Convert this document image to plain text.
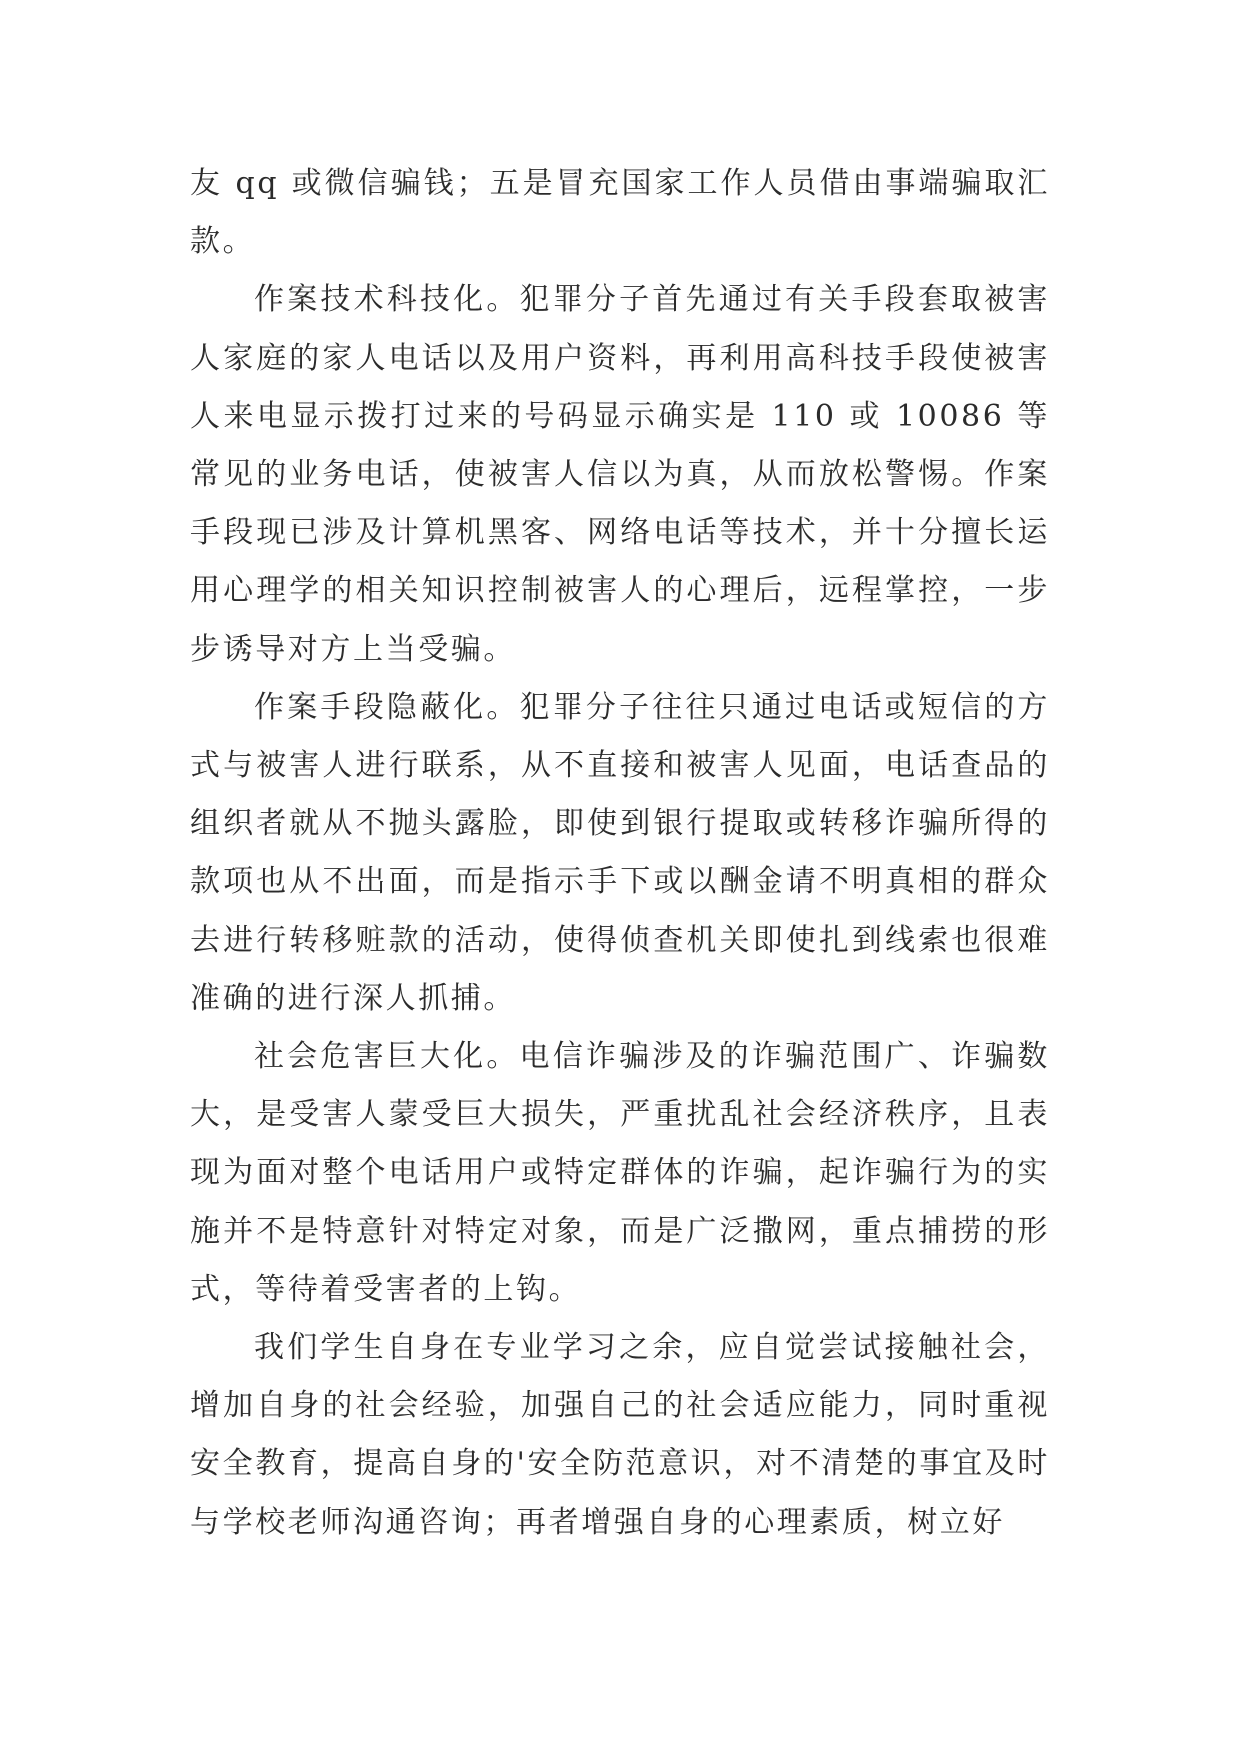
友 qq 或微信骗钱；五是冒充国家工作人员借由事端骗取汇款。

作案技术科技化。犯罪分子首先通过有关手段套取被害人家庭的家人电话以及用户资料，再利用高科技手段使被害人来电显示拨打过来的号码显示确实是 110 或 10086 等常见的业务电话，使被害人信以为真，从而放松警惕。作案手段现已涉及计算机黑客、网络电话等技术，并十分擅长运用心理学的相关知识控制被害人的心理后，远程掌控，一步步诱导对方上当受骗。

作案手段隐蔽化。犯罪分子往往只通过电话或短信的方式与被害人进行联系，从不直接和被害人见面，电话查品的组织者就从不抛头露脸，即使到银行提取或转移诈骗所得的款项也从不出面，而是指示手下或以酬金请不明真相的群众去进行转移赃款的活动，使得侦查机关即使扎到线索也很难准确的进行深人抓捕。

社会危害巨大化。电信诈骗涉及的诈骗范围广、诈骗数大，是受害人蒙受巨大损失，严重扰乱社会经济秩序，且表现为面对整个电话用户或特定群体的诈骗，起诈骗行为的实施并不是特意针对特定对象，而是广泛撒网，重点捕捞的形式，等待着受害者的上钩。

我们学生自身在专业学习之余，应自觉尝试接触社会，增加自身的社会经验，加强自己的社会适应能力，同时重视安全教育，提高自身的'安全防范意识，对不清楚的事宜及时与学校老师沟通咨询；再者增强自身的心理素质，树立好
